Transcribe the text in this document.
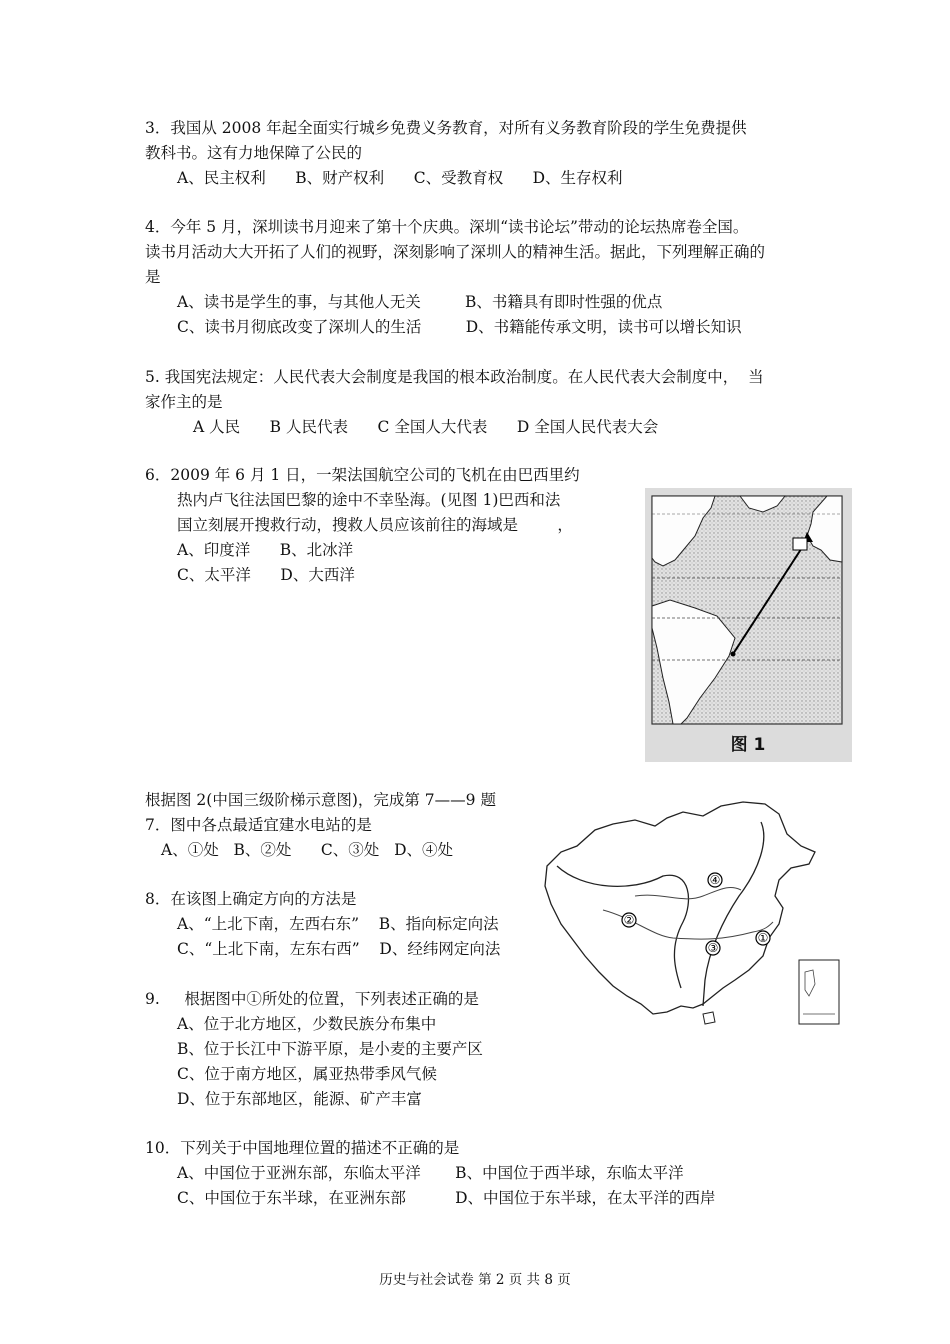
3．我国从 2008 年起全面实行城乡免费义务教育，对所有义务教育阶段的学生免费提供
教科书。这有力地保障了公民的
A、民主权利      B、财产权利      C、受教育权      D、生存权利
4．今年 5 月，深圳读书月迎来了第十个庆典。深圳“读书论坛”带动的论坛热席卷全国。
读书月活动大大开拓了人们的视野，深刻影响了深圳人的精神生活。据此，下列理解正确的
是
A、读书是学生的事，与其他人无关         B、书籍具有即时性强的优点
C、读书月彻底改变了深圳人的生活         D、书籍能传承文明，读书可以增长知识
5. 我国宪法规定：人民代表大会制度是我国的根本政治制度。在人民代表大会制度中，  当
家作主的是
A 人民      B 人民代表      C 全国人大代表      D 全国人民代表大会
6．2009 年 6 月 1 日，一架法国航空公司的飞机在由巴西里约
热内卢飞往法国巴黎的途中不幸坠海。(见图 1)巴西和法
国立刻展开搜救行动，搜救人员应该前往的海域是        ，
A、印度洋      B、北冰洋
C、太平洋      D、大西洋
图 1
根据图 2(中国三级阶梯示意图)，完成第 7——9 题
7．图中各点最适宜建水电站的是
A、①处   B、②处      C、③处   D、④处
①
②
③
④
8．在该图上确定方向的方法是
A、“上北下南，左西右东”    B、指向标定向法
C、“上北下南，左东右西”    D、经纬网定向法
9.     根据图中①所处的位置，下列表述正确的是
A、位于北方地区，少数民族分布集中
B、位于长江中下游平原，是小麦的主要产区
C、位于南方地区，属亚热带季风气候
D、位于东部地区，能源、矿产丰富
10．下列关于中国地理位置的描述不正确的是
A、中国位于亚洲东部，东临太平洋       B、中国位于西半球，东临太平洋
C、中国位于东半球，在亚洲东部          D、中国位于东半球，在太平洋的西岸
历史与社会试卷 第 2 页 共 8 页
